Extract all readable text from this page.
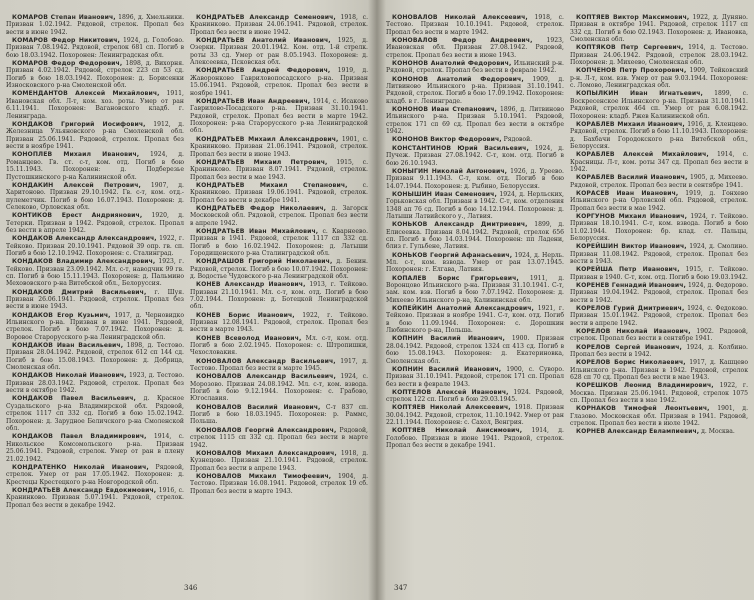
КОМАРОВ Степан Иванович, 1896, д. Хмельники. Призван 1.02.1942. Рядовой, стрелок. Пропал без вести в июне 1942.

КОМАРОВ Федор Никитович, 1924, д. Голобово. Призван 7.08.1942. Рядовой, стрелок 681 сп. Погиб в бою 18.03.1942. Похоронен: Ленинградская обл.

КОМАРОВ Федор Федорович, 1898, д. Вихорня. Призван 4.02.1942. Рядовой, стрелок 223 сп 53 сд. Погиб в бою 18.03.1942. Похоронен: д. Борисенки Износковского р-на Смоленской обл.

КОМЕНДАНТОВ Алексей Михайлович, 1911, Ивановская обл. Л-т, ком. хоз. роты. Умер от ран 6.11.1941. Похоронен: Вагановского кладб. г. Ленинграда.

КОНДАКОВ Григорий Иосифович, 1912, д. Железница Ульяновского р-на Смоленской обл. Призван 25.06.1941. Рядовой, стрелок. Пропал без вести в ноябре 1941.

КОНОПЛЕВ Михаил Иванович, 1924, д. Романцево. Гв. ст. с-т, ком. отд. Погиб в бою 15.11.1943. Похоронен: д. Подберезье Пустошкинского р-на Калининской обл.

КОНДАКИН Алексей Петрович, 1907, д. Харитоново. Призван 29.10.1942. Гв. с-т, ком. отд.-пулеметчик. Погиб в бою 16.07.1943. Похоронен: д. Селеково, Орловская обл.

КОНТИКОВ Ерест Андриянович, 1920, д. Тетерки. Призван в 1942. Рядовой, стрелок. Пропал без вести в апреле 1942.

КОНДАКОВ Александр Александрович, 1922, г. Тейково. Призван 20.10.1941. Рядовой 39 опр. гв. сп. Погиб в бою 12.10.1942. Похоронен: с. Сталинград.

КОНДАКОВ Владимир Александрович, 1923, г. Тейково. Призван 23.09.1942. Мл. с-т, наводчик 99 гв. сп. Погиб в бою 15.11.1943. Похоронен: д. Пальмино Мехововского р-на Витебской обл., Белоруссия.

КОНДАКОВ Дмитрий Васильевич, г. Шуя. Призван 26.06.1941. Рядовой, стрелок. Пропал без вести в июне 1943.

КОНДАКОВ Егор Кузьмич, 1917, д. Черновидко Ильинского р-на. Призван в июне 1941. Рядовой, стрелок. Погиб в бою 7.07.1942. Похоронен: д. Воровое Старорусского р-на Ленинградской обл.

КОНДАКОВ Иван Васильевич, 1898, д. Тестово. Призван 28.04.1942. Рядовой, стрелок 612 сп 144 сд. Погиб в бою 15.08.1943. Похоронен: д. Добрица, Смоленская обл.

КОНДАКОВ Николай Иванович, 1923, д. Тестово. Призван 28.03.1942. Рядовой, стрелок. Пропал без вести в октябре 1942.

КОНДАКОВ Павел Васильевич, д. Красное Суздальского р-на Владимирской обл. Рядовой, стрелок 1117 сп 332 сд. Погиб в бою 15.02.1942. Похоронен: д. Зарудное Беличского р-на Смоленской обл.

КОНДАКОВ Павел Владимирович, 1914, с. Никольское Комсомольского р-на. Призван 25.06.1941. Рядовой, стрелок. Умер от ран в плену 21.02.1942.

КОНДРАТЕНКО Николай Иванович, Рядовой, стрелок. Умер от ран 17.05.1942. Похоронен: д. Крестецы Крестецкого р-на Новгородской обл.

КОНДРАТЬЕВ Александр Евдокимович, 1916, с. Кранинково. Призван 5.07.1941. Рядовой, стрелок. Пропал без вести в декабре 1942.

КОНДРАТЬЕВ Александр Семенович, 1918, с. Кранинково. Призван 24.06.1941. Рядовой, стрелок. Пропал без вести в июне 1942.

КОНДРАТЬЕВ Анатолий Иванович, 1925, д. Озерки. Призван 20.01.1942. Ком. отд. 1-й стрелк. роты 33 сд. Умер от ран 8.05.1943. Похоронен: д. Алексеевка, Псковская обл.

КОНДРАТЬЕВ Андрей Федорович, 1919, д. Жаворонково Гавриловопосадского р-на. Призван 15.06.1941. Рядовой, стрелок. Пропал без вести в ноябре 1941.

КОНДРАТЬЕВ Иван Андреевич, 1914, с. Исаково Гаврилово-Посадского р-на. Призван 31.10.1941. Рядовой, стрелок. Пропал без вести в марте 1942. Похоронен: р-на Старорусского р-на Ленинградской обл.

КОНДРАТЬЕВ Михаил Александрович, 1901, с. Кранинково. Призван 21.06.1941. Рядовой, стрелок. Пропал без вести в июне 1943.

КОНДРАТЬЕВ Михаил Петрович, 1915, с. Кранинково. Призван 8.07.1941. Рядовой, стрелок. Пропал без вести в мае 1943.

КОНДРАТЬЕВ Михаил Степанович, с. Кранинково. Призван 19.06.1941. Рядовой, стрелок. Пропал без вести в декабре 1941.

КОНДРАТЬЕВ Федор Николаевич, д. Загорск Московской обл. Рядовой, стрелок. Пропал без вести в апреле 1942.

КОНДРАТЬЕВ Иван Михайлович, с. Кварнеево. Призван в 1941. Рядовой, стрелок 1117 сп 332 сд. Погиб в бою 16.02.1942. Похоронен: д. Латыши Городищенского р-на Сталинградской обл.

КОНДРАШОВ Григорий Николаевич, д. Бекин. Рядовой, стрелок. Погиб в бою 10.07.1942. Похоронен: д. Водостье Чудовского р-на Ленинградской обл.

КОНЕВ Александр Иванович, 1913, г. Тейково. Призван 21.10.1941. Мл. с-т, ком. отд. Погиб в бою 7.02.1944. Похоронен: д. Ботецкой Ленинградской обл.

КОНЕВ Борис Иванович, 1922, г. Тейково. Призван 12.08.1941. Рядовой, стрелок. Пропал без вести в марте 1943.

КОНЕВ Всеволод Иванович, Мл. с-т, ком. отд. Погиб в бою 2.02.1945. Похоронен: с. Штропишки, Чехословакия.

КОНОВАЛОВ Александр Васильевич, 1917, д. Тестово. Пропал без вести в марте 1945.

КОНОВАЛОВ Александр Васильевич, 1924, с. Морозово. Призван 24.08.1942. Мл. с-т, ком. взвода. Погиб в бою 9.12.1944. Похоронен: с. Грабово, Югославия.

КОНОВАЛОВ Василий Иванович, С-т 837 сп. Погиб в бою 18.03.1945. Похоронен: р. Раммс, Польша.

КОНОВАЛОВ Георгий Александрович, Рядовой, стрелок 1115 сп 332 сд. Пропал без вести в марте 1942.

КОНОВАЛОВ Михаил Александрович, 1918, д. Кузнецово. Призван 21.10.1941. Рядовой, стрелок. Пропал без вести в апреле 1943.

КОНОВАЛОВ Михаил Тимофеевич, 1904, д. Тестово. Призван 16.08.1941. Рядовой, стрелок 19 сб. Пропал без вести в марте 1943.

346

КОНОВАЛОВ Николай Алексеевич, 1918, с. Тестово. Призван 10.10.1941. Рядовой, стрелок. Пропал без вести в марте 1942.

КОНОВАЛОВ Федор Андреевич, 1923, Ивановская обл. Призван 27.08.1942. Рядовой, стрелок. Пропал без вести в июне 1943.

КОНОНОВ Анатолий Федорович, Ильинский р-н. Рядовой, стрелок. Пропал без вести в феврале 1942.

КОНОНОВ Анатолий Федорович, 1909, д. Литвиново Ильинского р-на. Призван 31.10.1941. Рядовой, стрелок. Погиб в бою 17.09.1942. Похоронен: кладб. в г. Ленинграде.

КОНОНОВ Иван Степанович, 1896, д. Литвиново Ильинского р-на. Призван 5.10.1941. Рядовой, стрелок 171 сп 69 сд. Пропал без вести в октябре 1942.

КОНОНОВ Виктор Федорович, Рядовой.

КОНСТАНТИНОВ Юрий Васильевич, 1924, д. Пучеж. Призван 27.08.1942. С-т, ком. отд. Погиб в бою 26.10.1943.

КОНЫГИН Николай Антонович, 1926, д. Уреево. Призван 9.11.1943. С-т, ком. отд. Погиб в бою 14.07.1944. Похоронен: д. Рыбино, Белоруссия.

КОНЫШИН Иван Семенович, 1924, д. Нерльских, Горьковская обл. Призван в 1942. С-т, ком. отделения 1348 ап 76 сд. Погиб в бою 14.12.1944. Похоронен: д. Латыши Латвийского у., Латвия.

КОНЬКОВ Александр Дмитриевич, 1899, д. Елисеевка. Призван 8.04.1942. Рядовой, стрелок 656 сп. Погиб в бою 14.03.1944. Похоронен: пп Ладени, близ г. Гульбене, Латвия.

КОНЬКОВ Георгий Афанасьевич, 1924, д. Нерль. Мл. с-т, ком. взвода. Умер от ран 13.07.1945. Похоронен: г. Елгава, Латвия.

КОПАЛЕВ Борис Григорьевич, 1911, д. Воронцово Ильинского р-на. Призван 31.10.1941. С-т, зам. ком. взв. Погиб в бою 7.07.1942. Похоронен: д. Михеево Ильинского р-на, Калининская обл.

КОПЕЙКИН Анатолий Александрович, 1921, г. Тейково. Призван в ноябре 1941. С-т, ком. отд. Погиб в бою 11.09.1944. Похоронен: с. Дорошкин Любинского р-на, Польша.

КОПНИН Василий Иванович, 1900. Призван 28.04.1942. Рядовой, стрелок 1324 сп 413 сд. Погиб в бою 15.08.1943. Похоронен: д. Екатериновка, Смоленская обл.

КОПНИН Василий Иванович, 1900, с. Суворо. Призван 31.10.1941. Рядовой, стрелок 171 сп. Пропал без вести в феврале 1943.

КОПТЕЛОВ Алексей Иванович, 1924. Рядовой, стрелок 122 сп. Погиб в бою 29.03.1945.

КОПТЯЕВ Николай Алексеевич, 1918. Призван 30.04.1942. Рядовой, стрелок, 11.10.1942. Умер от ран 22.11.1944. Похоронен: с. Сахол, Венгрия.

КОПТЯЕВ Николай Анисимович, 1914, д. Голобово. Призван в июне 1941. Рядовой, стрелок. Пропал без вести в декабре 1941.

КОПТЯЕВ Виктор Максимович, 1922, д. Дуняно. Призван в октябре 1941. Рядовой, стрелок 1117 сп 332 сд. Погиб в бою 02.1943. Похоронен: д. Ивановка, Смоленская обл.

КОПТЯКОВ Петр Сергеевич, 1914, д. Тестово. Призван 24.06.1942. Рядовой, стрелок 28.03.1942. Похоронен: д. Михеево, Смоленская обл.

КОПЧЕНОВ Петр Прохорович, 1909, Тейковский р-н. Л-т, ком. взв. Умер от ран 9.03.1944. Похоронен: с. Ломово, Ленинградская обл.

КОПЫЛКИН Иван Игнатьевич, 1899, с. Воскресенское Ильинского р-на. Призван 31.10.1941. Рядовой, стрелок 464 сп. Умер от ран 6.08.1942. Похоронен: кладб. Ржев Калининской обл.

КОРАБЛЕВ Михаил Иванович, 1916, д. Кленцево. Рядовой, стрелок. Погиб в бою 11.10.1943. Похоронен: д. Бахбачи Городокского р-на Витебской обл., Белоруссия.

КОРАБЛЕВ Алексей Михайлович, 1914, с. Красницы. Л-т, ком. роты 347 сд. Пропал без вести в 1942.

КОРАБЛЕВ Василий Иванович, 1905, д. Михеево. Рядовой, стрелок. Пропал без вести в сентябре 1941.

КОРАСЕВ Иван Иванович, 1919, д. Гонхево Ильинского р-на Орловской обл. Рядовой, стрелок. Пропал без вести в мае 1942.

КОРГУНОВ Михаил Иванович, 1924, г. Тейково. Призван 18.10.1941. С-т, ком. взвода. Погиб в бою 11.02.1944. Похоронен: бр. клад. ст. Пальцы, Белоруссия.

КОРЕЙШИН Виктор Иванович, 1924, д. Смолино. Призван 11.08.1942. Рядовой, стрелок. Пропал без вести в 1943.

КОРЕЙША Петр Иванович, 1915, г. Тейково. Призван в 1940. С-т, ком. отд. Погиб в бою 19.03.1942.

КОРЕНЕВ Геннадий Иванович, 1924, д. Федорово. Призван 19.04.1942. Рядовой, стрелок. Пропал без вести в 1942.

КОРЕЛОВ Гурий Дмитриевич, 1924, с. Федоково. Призван 15.01.1942. Рядовой, стрелок. Пропал без вести в апреле 1942.

КОРЕЛОВ Николай Иванович, 1902. Рядовой, стрелок. Пропал без вести в сентябре 1941.

КОРЕЛОВ Сергей Иванович, 1924, д. Колбино. Пропал без вести в 1942.

КОРЕЛОВ Борис Николаевич, 1917, д. Кашцево Ильинского р-на. Призван в 1942. Рядовой, стрелок 628 сп 70 сд. Пропал без вести в мае 1943.

КОРЕШКОВ Леонид Владимирович, 1922, г. Москва. Призван 25.06.1941. Рядовой, стрелок 1075 сп. Пропал без вести в мае 1942.

КОРНАКОВ Тимофей Леонтьевич, 1901, д. Глазово. Московская обл. Призван в 1941. Рядовой, стрелок. Пропал без вести в июле 1942.

КОРНЕВ Александр Евлампиевич, д. Москва.

347
